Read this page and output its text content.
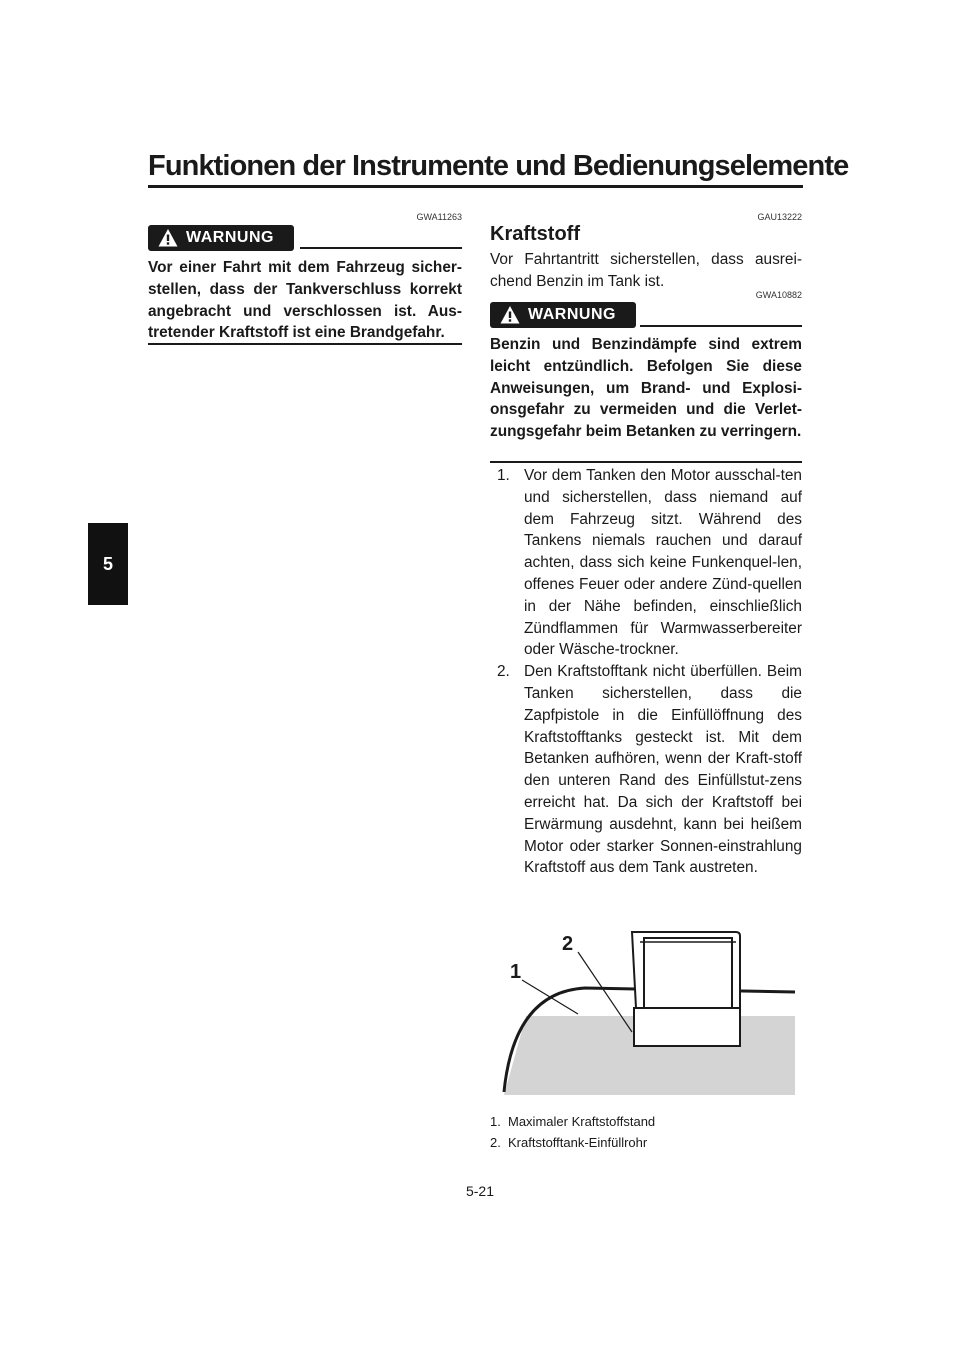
Funktionen der Instrumente und Bedienungselemente
5
GWA11263
WARNUNG
Vor einer Fahrt mit dem Fahrzeug sicher-stellen, dass der Tankverschluss korrekt angebracht und verschlossen ist. Aus-tretender Kraftstoff ist eine Brandgefahr.
GAU13222
Kraftstoff
Vor Fahrtantritt sicherstellen, dass ausrei-chend Benzin im Tank ist.
GWA10882
WARNUNG
Benzin und Benzindämpfe sind extrem leicht entzündlich. Befolgen Sie diese Anweisungen, um Brand- und Explosi-onsgefahr zu vermeiden und die Verlet-zungsgefahr beim Betanken zu verringern.
1. Vor dem Tanken den Motor ausschal-ten und sicherstellen, dass niemand auf dem Fahrzeug sitzt. Während des Tankens niemals rauchen und darauf achten, dass sich keine Funkenquel-len, offenes Feuer oder andere Zünd-quellen in der Nähe befinden, einschließlich Zündflammen für Warmwasserbereiter oder Wäsche-trockner.
2. Den Kraftstofftank nicht überfüllen. Beim Tanken sicherstellen, dass die Zapfpistole in die Einfüllöffnung des Kraftstofftanks gesteckt ist. Mit dem Betanken aufhören, wenn der Kraft-stoff den unteren Rand des Einfüllstut-zens erreicht hat. Da sich der Kraftstoff bei Erwärmung ausdehnt, kann bei heißem Motor oder starker Sonnen-einstrahlung Kraftstoff aus dem Tank austreten.
2
1
1. Maximaler Kraftstoffstand
2. Kraftstofftank-Einfüllrohr
5-21
